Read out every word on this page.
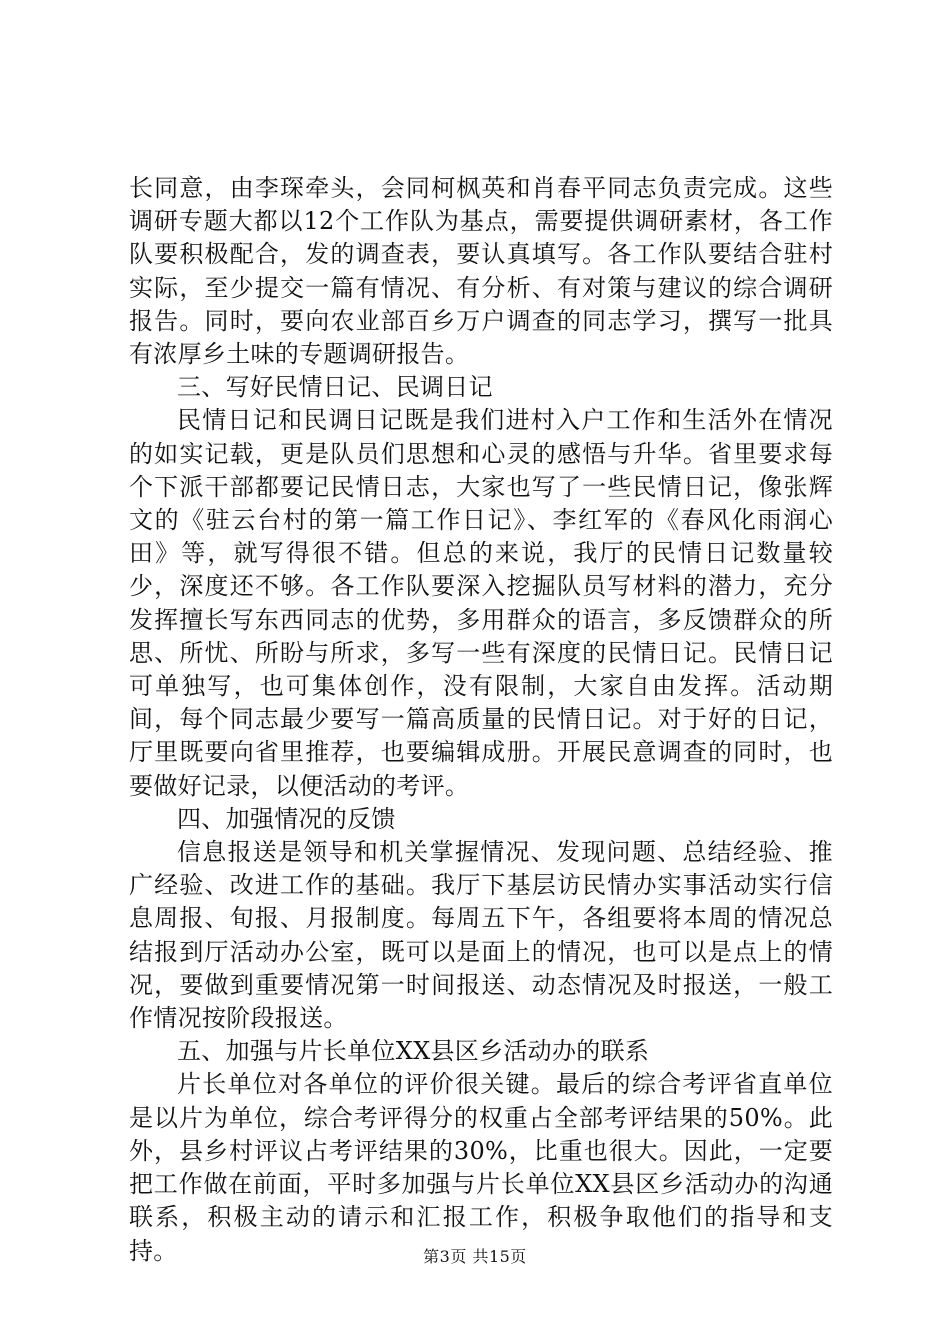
长同意，由李琛牵头，会同柯枫英和肖春平同志负责完成。这些调研专题大都以12个工作队为基点，需要提供调研素材，各工作队要积极配合，发的调查表，要认真填写。各工作队要结合驻村实际，至少提交一篇有情况、有分析、有对策与建议的综合调研报告。同时，要向农业部百乡万户调查的同志学习，撰写一批具有浓厚乡土味的专题调研报告。

三、写好民情日记、民调日记

民情日记和民调日记既是我们进村入户工作和生活外在情况的如实记载，更是队员们思想和心灵的感悟与升华。省里要求每个下派干部都要记民情日志，大家也写了一些民情日记，像张辉文的《驻云台村的第一篇工作日记》、李红军的《春风化雨润心田》等，就写得很不错。但总的来说，我厅的民情日记数量较少，深度还不够。各工作队要深入挖掘队员写材料的潜力，充分发挥擅长写东西同志的优势，多用群众的语言，多反馈群众的所思、所忧、所盼与所求，多写一些有深度的民情日记。民情日记可单独写，也可集体创作，没有限制，大家自由发挥。活动期间，每个同志最少要写一篇高质量的民情日记。对于好的日记，厅里既要向省里推荐，也要编辑成册。开展民意调查的同时，也要做好记录，以便活动的考评。

四、加强情况的反馈

信息报送是领导和机关掌握情况、发现问题、总结经验、推广经验、改进工作的基础。我厅下基层访民情办实事活动实行信息周报、旬报、月报制度。每周五下午，各组要将本周的情况总结报到厅活动办公室，既可以是面上的情况，也可以是点上的情况，要做到重要情况第一时间报送、动态情况及时报送，一般工作情况按阶段报送。

五、加强与片长单位XX县区乡活动办的联系

片长单位对各单位的评价很关键。最后的综合考评省直单位是以片为单位，综合考评得分的权重占全部考评结果的50%。此外，县乡村评议占考评结果的30%，比重也很大。因此，一定要把工作做在前面，平时多加强与片长单位XX县区乡活动办的沟通联系，积极主动的请示和汇报工作，积极争取他们的指导和支持。	第3页 共15页
